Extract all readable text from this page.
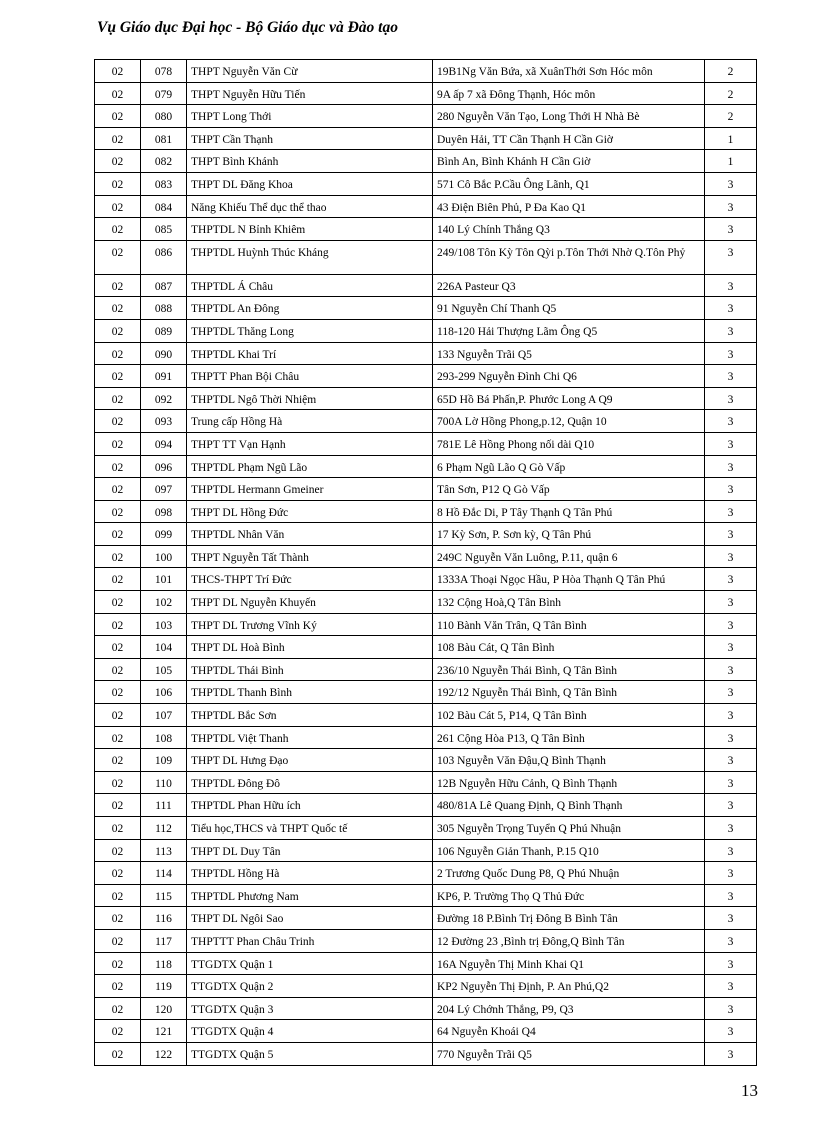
Vụ Giáo dục Đại học - Bộ Giáo dục và Đào tạo
02	078	THPT Nguyễn Văn Cừ	19B1Ng Văn Bứa, xã XuânThới Sơn Hóc môn	2
02	079	THPT Nguyễn Hữu Tiến	9A ấp 7 xã Đông Thạnh, Hóc môn	2
02	080	THPT Long Thới	280 Nguyễn Văn Tạo, Long Thới H Nhà Bè	2
02	081	THPT Cần Thạnh	Duyên Hải, TT Cần Thạnh H Cần Giờ	1
02	082	THPT Bình Khánh	Bình An, Bình Khánh H Cần Giờ	1
02	083	THPT DL Đăng Khoa	571 Cô Bắc P.Cầu Ông Lãnh, Q1	3
02	084	Năng Khiếu Thể dục thể thao	43 Điện Biên Phủ, P Đa Kao Q1	3
02	085	THPTDL N Bỉnh Khiêm	140 Lý Chính Thắng Q3	3
02	086	THPTDL Huỳnh Thúc Kháng	249/108 Tôn Kỳ Tôn Qỳi p.Tôn Thới Nhờ Q.Tôn Phỷ	3
02	087	THPTDL Á Châu	226A Pasteur Q3	3
02	088	THPTDL An Đông	91 Nguyễn Chí Thanh Q5	3
02	089	THPTDL Thăng Long	118-120 Hải Thượng Lãm Ông Q5	3
02	090	THPTDL Khai Trí	133 Nguyễn Trãi Q5	3
02	091	THPTT Phan Bội Châu	293-299 Nguyễn Đình Chi Q6	3
02	092	THPTDL Ngô Thời Nhiệm	65D Hồ Bá Phấn,P. Phước Long A Q9	3
02	093	Trung cấp Hồng Hà	700A Lờ Hồng Phong,p.12, Quận 10	3
02	094	THPT TT Vạn Hạnh	781E Lê Hồng Phong nối dài Q10	3
02	096	THPTDL Phạm Ngũ Lão	6 Phạm Ngũ Lão Q Gò Vấp	3
02	097	THPTDL Hermann Gmeiner	Tân Sơn, P12 Q Gò Vấp	3
02	098	THPT DL Hồng Đức	8 Hồ Đắc Di, P Tây Thạnh Q Tân Phú	3
02	099	THPTDL Nhân Văn	17 Kỳ Sơn, P. Sơn kỳ, Q Tân Phú	3
02	100	THPT Nguyễn Tất Thành	249C Nguyễn Văn Luông, P.11, quận 6	3
02	101	THCS-THPT Trí Đức	1333A Thoại Ngọc Hầu, P Hòa Thạnh Q Tân Phú	3
02	102	THPT DL Nguyễn Khuyến	132 Cộng Hoà,Q Tân Bình	3
02	103	THPT DL Trương Vĩnh Ký	110 Bành Văn Trân, Q Tân Bình	3
02	104	THPT DL Hoà Bình	108 Bàu Cát, Q Tân Bình	3
02	105	THPTDL Thái Bình	236/10 Nguyễn Thái Bình, Q Tân Bình	3
02	106	THPTDL Thanh Bình	192/12 Nguyễn Thái Bình, Q Tân Bình	3
02	107	THPTDL Bắc Sơn	102 Bàu Cát 5, P14, Q Tân Bình	3
02	108	THPTDL Việt Thanh	261 Cộng Hòa P13, Q Tân Bình	3
02	109	THPT DL Hưng Đạo	103 Nguyễn Văn Đậu,Q Bình Thạnh	3
02	110	THPTDL Đông Đô	12B Nguyễn Hữu Cảnh, Q Bình Thạnh	3
02	111	THPTDL Phan Hữu ích	480/81A Lê Quang Định, Q Bình Thạnh	3
02	112	Tiểu học,THCS và THPT Quốc tế	305 Nguyễn Trọng Tuyển Q Phú Nhuận	3
02	113	THPT DL Duy Tân	106 Nguyễn Giản Thanh, P.15 Q10	3
02	114	THPTDL Hồng Hà	2 Trương Quốc Dung P8, Q Phú Nhuận	3
02	115	THPTDL Phương Nam	KP6, P. Trường Thọ Q Thủ Đức	3
02	116	THPT DL Ngôi Sao	Đường 18 P.Bình Trị Đông B Bình Tân	3
02	117	THPTTT Phan Châu Trinh	12 Đường 23 ,Bình trị Đông,Q Bình Tân	3
02	118	TTGDTX Quận 1	16A Nguyễn Thị Minh Khai Q1	3
02	119	TTGDTX Quận 2	KP2 Nguyễn Thị Định, P. An Phú,Q2	3
02	120	TTGDTX Quận 3	204 Lý Chớnh Thắng, P9, Q3	3
02	121	TTGDTX Quận 4	64 Nguyễn Khoái Q4	3
02	122	TTGDTX Quận 5	770 Nguyễn Trãi Q5	3
13
